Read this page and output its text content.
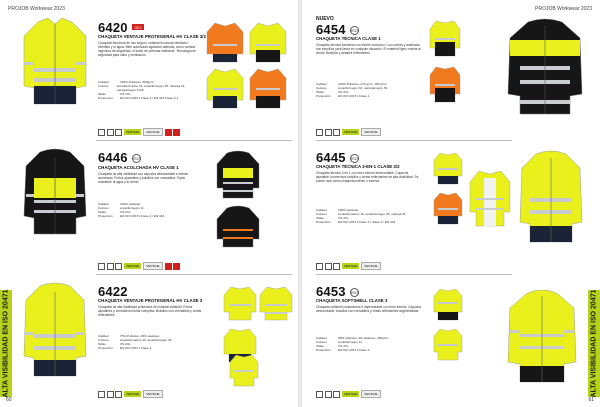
PROJOB Workwear 2023
ALTA VISIBILIDAD EN ISO 20471
60
6420	ISO
CHAQUETA VENTAJE PROTEGERAL HV CLASE 3/2
Chaqueta funcional de uso seguro, material funcional ventilador divertido y sí agua. Bien autorizado agradece además, como nuestra ingeniera de seguridad, el lector de prendas individual. Tecnología de seguridad para calor y ventilación.
Calidad	100% Poliéster, 300g/m²
Colores	Amarillo/marino 16, amarillo/negro 35, naranja 31, naranja/negro 1799
Tallas	XS-4XL
Protección	EN ISO 20471 Clase 3 / EN 343 Clase 2:1
VENTAJE	VENTAJE
6446 ISO
CHAQUETA ACOLCHADA HV CLASE 1
Chaqueta de alta visibilidad con capucha desmontable e interior acolchado. Puños ajustables y bolsillos con cremallera. Tejido resistente al agua y al viento.
Calidad	100% poliéster
Colores	amarillo/negro 11
Tallas	XS-4XL
Protección	EN ISO 20471 Clase 1 / EN 343
VENTAJE	VENTAJE
6422
CHAQUETA VENTAJE PROTEGERAL HV CLASE 3
Chaqueta de alta visibilidad protectora de material softshell. Puños ajustables y cremallera frontal completa. Bolsillos con cremallera y cintas reflectantes.
Calidad	75% Poliéster, 25% elastano
Colores	Amarillo/marino 16, amarillo/negro 35
Tallas	XS-4XL
Protección	EN ISO 20471 Clase 3
VENTAJE	VENTAJE
PROJOB Workwear 2023
ALTA VISIBILIDAD EN ISO 20471
61
NUEVO
6454 ISO
CHAQUETA TÉCNICA CLASE 1
Chaqueta técnica funcional con diseño exclusivo. Los colores y acabados son sencillos para llevar en cualquier situación. El material ligero resiste al viento. Bolsillos y detalles reflectantes.
Calidad	100% Poliéster, 270 g/m², 100 g/m²
Colores	Amarillo/negro 34, naranja/negro 54
Tallas	XS-4XL
Protección	EN ISO 20471 Clase 1
VENTAJE	VENTAJE
6445 ISO
CHAQUETA TÉCNICA 3-EN-1 CLASE 3/2
Chaqueta técnica 3 en 1 con forro interior desmontable. Capucha ajustable, numerosos bolsillos y cintas reflectantes de alta visibilidad. Se puede usar como chaqueta interior o exterior.
Calidad	100% poliéster
Colores	Amarillo/marino 16, amarillo/negro 35, naranja 31
Tallas	XS-4XL
Protección	EN ISO 20471 Clase 3 / Clase 2 / EN 343
VENTAJE	VENTAJE
6453 ISO
CHAQUETA SOFTSHELL CLASE 3
Chaqueta softshell cortavientos e impermeable con forro interior. Capucha desmontable, bolsillos con cremallera y cintas reflectantes segmentadas.
Calidad	96% poliéster, 4% elastano, 280g/m²
Colores	Amarillo/negro 11
Tallas	XS-4XL
Protección	EN ISO 20471 Clase 3
VENTAJE	VENTAJE
